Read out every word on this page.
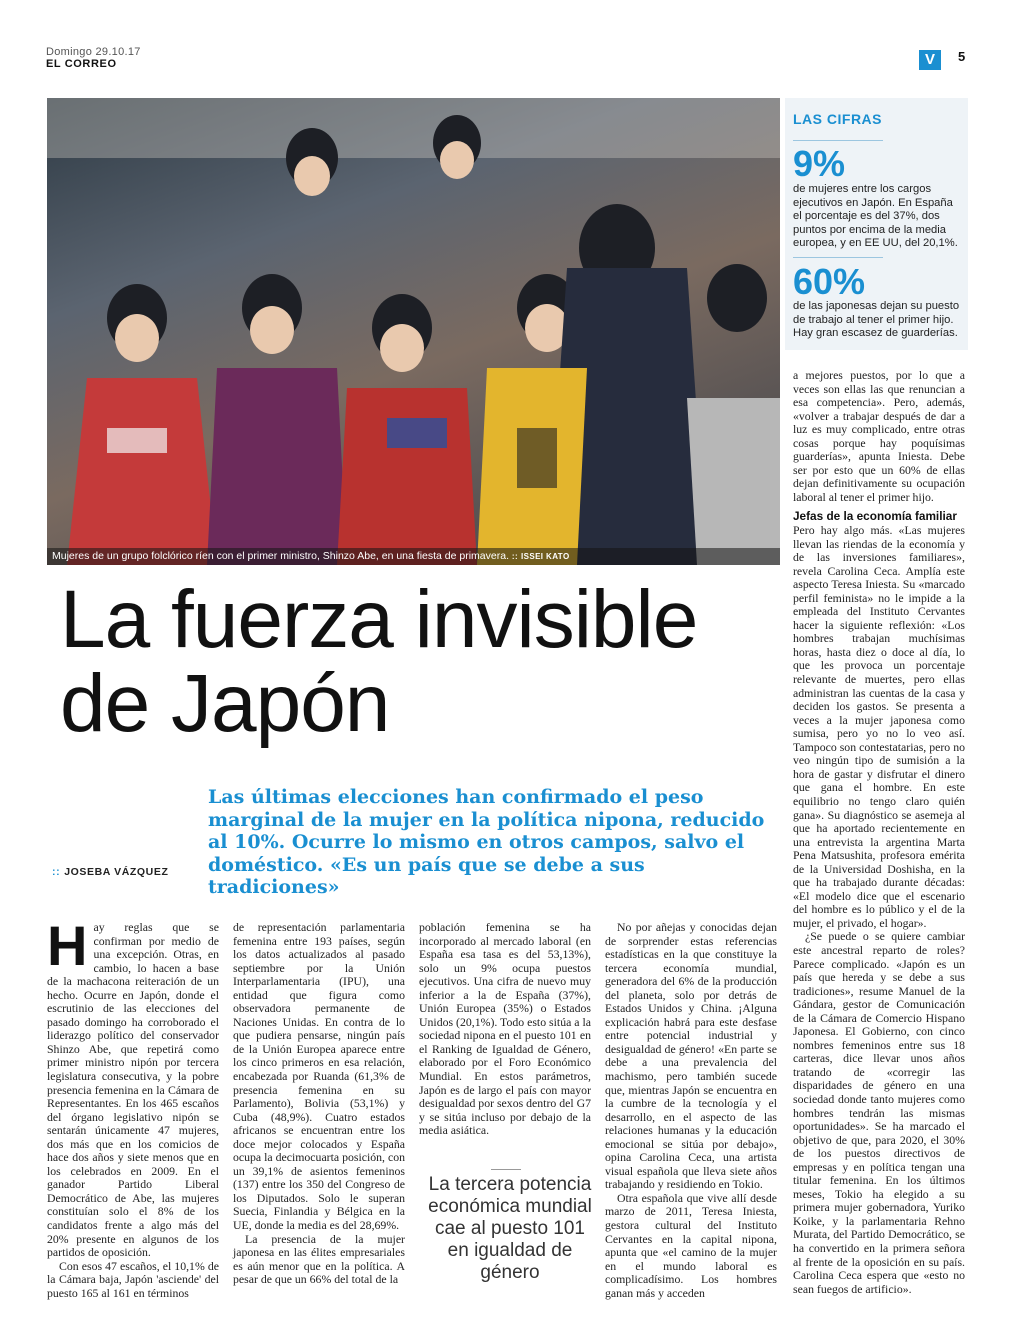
Domingo 29.10.17
EL CORREO	V	5
Mujeres de un grupo folclórico ríen con el primer ministro, Shinzo Abe, en una fiesta de primavera. :: ISSEI KATO
LAS CIFRAS
9%
de mujeres entre los cargos ejecutivos en Japón. En España el porcentaje es del 37%, dos puntos por encima de la media europea, y en EE UU, del 20,1%.
60%
de las japonesas dejan su puesto de trabajo al tener el primer hijo. Hay gran escasez de guarderías.
La fuerza invisible
de Japón
Las últimas elecciones han confirmado el peso marginal de la mujer en la política nipona, reducido al 10%. Ocurre lo mismo en otros campos, salvo el doméstico. «Es un país que se debe a sus tradiciones»
:: JOSEBA VÁZQUEZ

Hay reglas que se confirman por medio de una excepción. Otras, en cambio, lo hacen a base de la machacona reiteración de un hecho. Ocurre en Japón, donde el escrutinio de las elecciones del pasado domingo ha corroborado el liderazgo político del conservador Shinzo Abe, que repetirá como primer ministro nipón por tercera legislatura consecutiva, y la pobre presencia femenina en la Cámara de Representantes. En los 465 escaños del órgano legislativo nipón se sentarán únicamente 47 mujeres, dos más que en los comicios de hace dos años y siete menos que en los celebrados en 2009. En el ganador Partido Liberal Democrático de Abe, las mujeres constituían solo el 8% de los candidatos frente a algo más del 20% presente en algunos de los partidos de oposición.

Con esos 47 escaños, el 10,1% de la Cámara baja, Japón 'asciende' del puesto 165 al 161 en términos

de representación parlamentaria femenina entre 193 países, según los datos actualizados al pasado septiembre por la Unión Interparlamentaria (IPU), una entidad que figura como observadora permanente de Naciones Unidas. En contra de lo que pudiera pensarse, ningún país de la Unión Europea aparece entre los cinco primeros en esa relación, encabezada por Ruanda (61,3% de presencia femenina en su Parlamento), Bolivia (53,1%) y Cuba (48,9%). Cuatro estados africanos se encuentran entre los doce mejor colocados y España ocupa la decimocuarta posición, con un 39,1% de asientos femeninos (137) entre los 350 del Congreso de los Diputados. Solo le superan Suecia, Finlandia y Bélgica en la UE, donde la media es del 28,69%.

La presencia de la mujer japonesa en las élites empresariales es aún menor que en la política. A pesar de que un 66% del total de la

población femenina se ha incorporado al mercado laboral (en España esa tasa es del 53,13%), solo un 9% ocupa puestos ejecutivos. Una cifra de nuevo muy inferior a la de España (37%), Unión Europea (35%) o Estados Unidos (20,1%). Todo esto sitúa a la sociedad nipona en el puesto 101 en el Ranking de Igualdad de Género, elaborado por el Foro Económico Mundial. En estos parámetros, Japón es de largo el país con mayor desigualdad por sexos dentro del G7 y se sitúa incluso por debajo de la media asiática.

La tercera potencia económica mundial cae al puesto 101 en igualdad de género

No por añejas y conocidas dejan de sorprender estas referencias estadísticas en la que constituye la tercera economía mundial, generadora del 6% de la producción del planeta, solo por detrás de Estados Unidos y China. ¡Alguna explicación habrá para este desfase entre potencial industrial y desigualdad de género! «En parte se debe a una prevalencia del machismo, pero también sucede que, mientras Japón se encuentra en la cumbre de la tecnología y el desarrollo, en el aspecto de las relaciones humanas y la educación emocional se sitúa por debajo», opina Carolina Ceca, una artista visual española que lleva siete años trabajando y residiendo en Tokio.

Otra española que vive allí desde marzo de 2011, Teresa Iniesta, gestora cultural del Instituto Cervantes en la capital nipona, apunta que «el camino de la mujer en el mundo laboral es complicadísimo. Los hombres ganan más y acceden

a mejores puestos, por lo que a veces son ellas las que renuncian a esa competencia». Pero, además, «volver a trabajar después de dar a luz es muy complicado, entre otras cosas porque hay poquísimas guarderías», apunta Iniesta. Debe ser por esto que un 60% de ellas dejan definitivamente su ocupación laboral al tener el primer hijo.

Jefas de la economía familiar

Pero hay algo más. «Las mujeres llevan las riendas de la economía y de las inversiones familiares», revela Carolina Ceca. Amplía este aspecto Teresa Iniesta. Su «marcado perfil feminista» no le impide a la empleada del Instituto Cervantes hacer la siguiente reflexión: «Los hombres trabajan muchísimas horas, hasta diez o doce al día, lo que les provoca un porcentaje relevante de muertes, pero ellas administran las cuentas de la casa y deciden los gastos. Se presenta a veces a la mujer japonesa como sumisa, pero yo no lo veo así. Tampoco son contestatarias, pero no veo ningún tipo de sumisión a la hora de gastar y disfrutar el dinero que gana el hombre. En este equilibrio no tengo claro quién gana». Su diagnóstico se asemeja al que ha aportado recientemente en una entrevista la argentina Marta Pena Matsushita, profesora emérita de la Universidad Doshisha, en la que ha trabajado durante décadas: «El modelo dice que el escenario del hombre es lo público y el de la mujer, el privado, el hogar».

¿Se puede o se quiere cambiar este ancestral reparto de roles? Parece complicado. «Japón es un país que hereda y se debe a sus tradiciones», resume Manuel de la Gándara, gestor de Comunicación de la Cámara de Comercio Hispano Japonesa. El Gobierno, con cinco nombres femeninos entre sus 18 carteras, dice llevar unos años tratando de «corregir las disparidades de género en una sociedad donde tanto mujeres como hombres tendrán las mismas oportunidades». Se ha marcado el objetivo de que, para 2020, el 30% de los puestos directivos de empresas y en política tengan una titular femenina. En los últimos meses, Tokio ha elegido a su primera mujer gobernadora, Yuriko Koike, y la parlamentaria Rehno Murata, del Partido Democrático, se ha convertido en la primera señora al frente de la oposición en su país. Carolina Ceca espera que «esto no sean fuegos de artificio».
